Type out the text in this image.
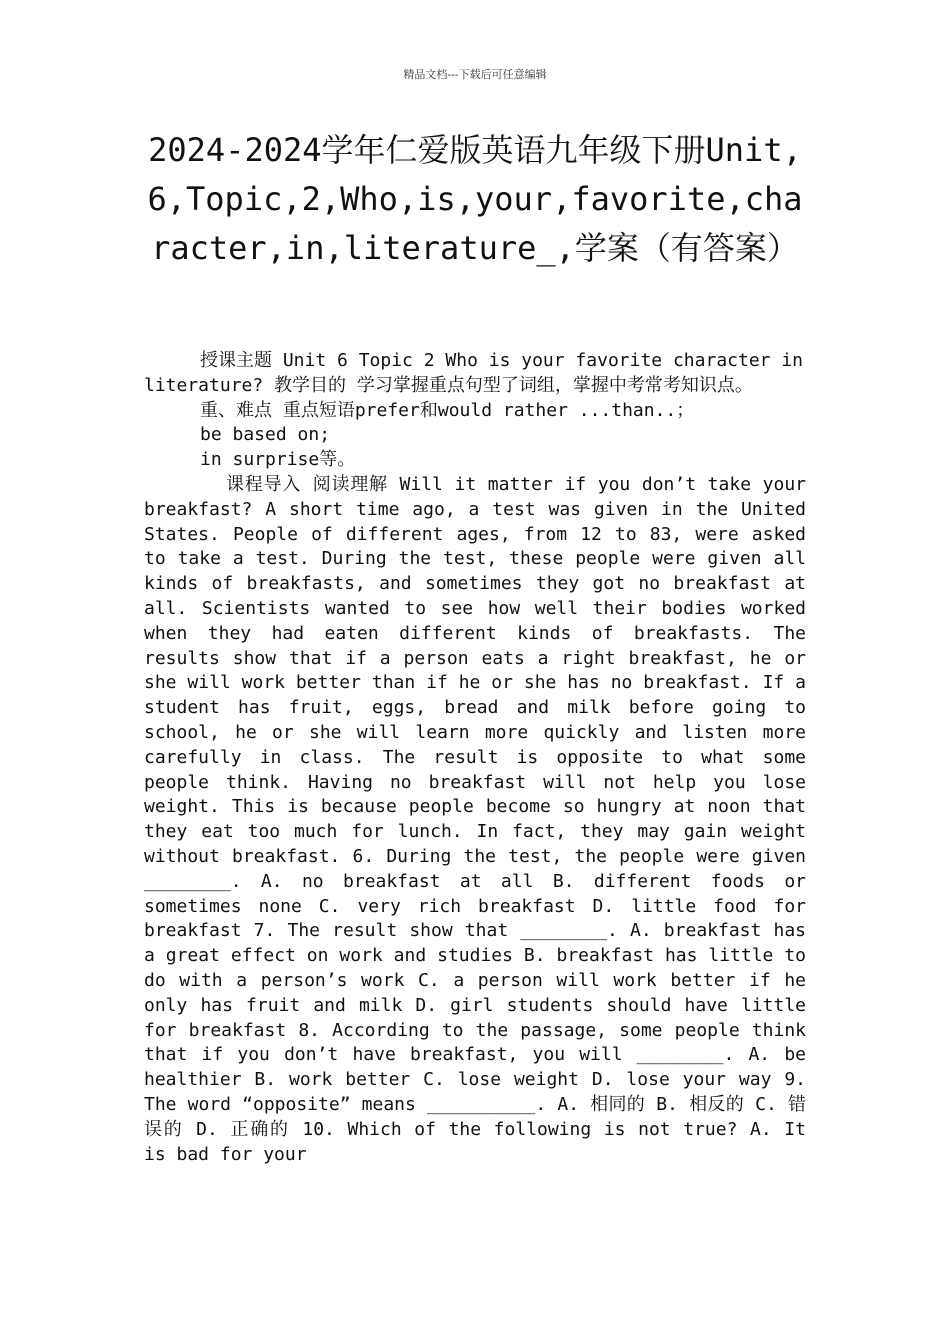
精品文档---下载后可任意编辑
2024-2024学年仁爱版英语九年级下册Unit,6,Topic,2,Who,is,your,favorite,character,in,literature_,学案（有答案）

授课主题 Unit 6 Topic 2 Who is your favorite character in literature? 教学目的 学习掌握重点句型了词组，掌握中考常考知识点。

重、难点 重点短语prefer和would rather ...than..；

be based on;

in surprise等。

课程导入 阅读理解 Will it matter if you don’t take your breakfast? A short time ago, a test was given in the United States. People of different ages, from 12 to 83, were asked to take a test. During the test, these people were given all kinds of breakfasts, and sometimes they got no breakfast at all. Scientists wanted to see how well their bodies worked when they had eaten different kinds of breakfasts. The results show that if a person eats a right breakfast, he or she will work better than if he or she has no breakfast. If a student has fruit, eggs, bread and milk before going to school, he or she will learn more quickly and listen more carefully in class. The result is opposite to what some people think. Having no breakfast will not help you lose weight. This is because people become so hungry at noon that they eat too much for lunch. In fact, they may gain weight without breakfast. 6. During the test, the people were given ________. A. no breakfast at all B. different foods or sometimes none C. very rich breakfast D. little food for breakfast 7. The result show that ________. A. breakfast has a great effect on work and studies B. breakfast has little to do with a person’s work C. a person will work better if he only has fruit and milk D. girl students should have little for breakfast 8. According to the passage, some people think that if you don’t have breakfast, you will ________. A. be healthier B. work better C. lose weight D. lose your way 9. The word “opposite” means __________. A. 相同的 B. 相反的 C. 错误的 D. 正确的 10. Which of the following is not true? A. It is bad for your
